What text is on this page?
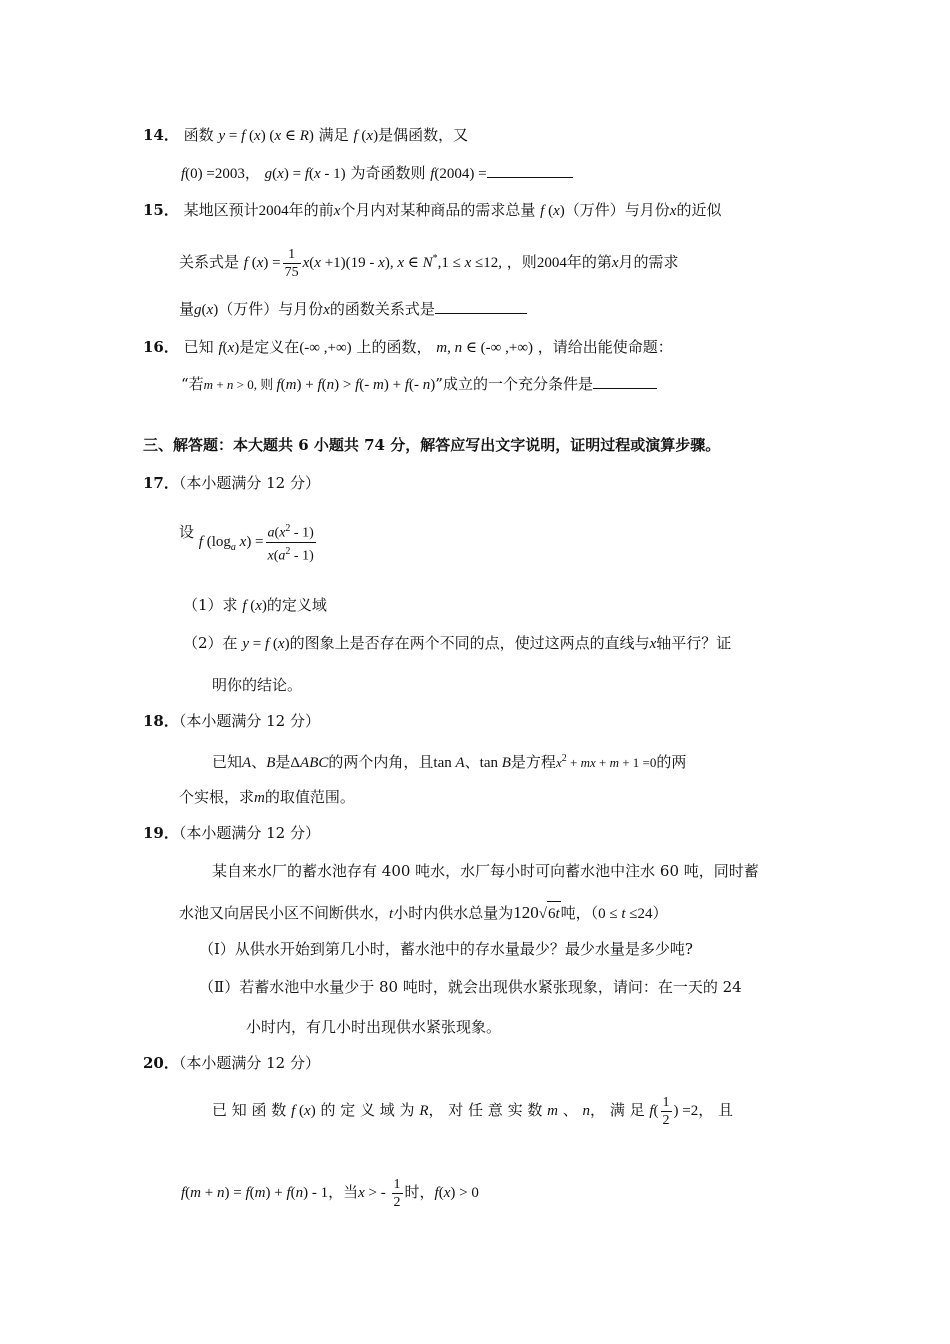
14． 函数 y = f (x) (x ∈ R) 满足 f (x)是偶函数，又
f(0) =2003， g(x) = f(x - 1) 为奇函数则 f(2004) =
15． 某地区预计2004年的前x个月内对某种商品的需求总量 f (x)（万件）与月份x的近似
关系式是 f $(x) = \frac{1}{75} x(x +1)(19 - x)$, x ∈ N*,1 ≤ x ≤12, ，则2004年的第x月的需求
量g(x)（万件）与月份x的函数关系式是
16． 已知 f(x)是定义在(-∞ ,+∞) 上的函数， m, n ∈ (-∞ ,+∞) ，请给出能使命题：
“若m + n > 0, 则 f(m) + f(n) > f(- m) + f(- n)”成立的一个充分条件是
三、解答题：本大题共 6 小题共 74 分，解答应写出文字说明，证明过程或演算步骤。
17．（本小题满分 12 分）
设 f ($\log_a$ $x) = \frac{a(x^2 - 1)}{x(a^2 - 1)}$
（1）求 f (x)的定义域
（2）在 y = f (x)的图象上是否存在两个不同的点，使过这两点的直线与x轴平行？证
明你的结论。
18．（本小题满分 12 分）
已知A、B是ΔABC的两个内角，且tan A、tan B是方程$x^2$ + mx + m + 1 =0的两
个实根，求m的取值范围。
19．（本小题满分 12 分）
某自来水厂的蓄水池存有 400 吨水，水厂每小时可向蓄水池中注水 60 吨，同时蓄
水池又向居民小区不间断供水，t小时内供水总量为120√6t吨，（0 ≤ t ≤24）
（Ⅰ）从供水开始到第几小时，蓄水池中的存水量最少？最少水量是多少吨?
（Ⅱ）若蓄水池中水量少于 80 吨时，就会出现供水紧张现象，请问：在一天的 24
小时内，有几小时出现供水紧张现象。
20．（本小题满分 12 分）
已 知 函 数 f (x) 的 定 义 域 为 R， 对 任 意 实 数 m 、 n， 满 足 $f( \frac{1}{2}$ ) =2， 且
f(m + n) = f(m) + f(n) - 1，当x > - $\frac{1}{2}$ 时，f(x) > 0
